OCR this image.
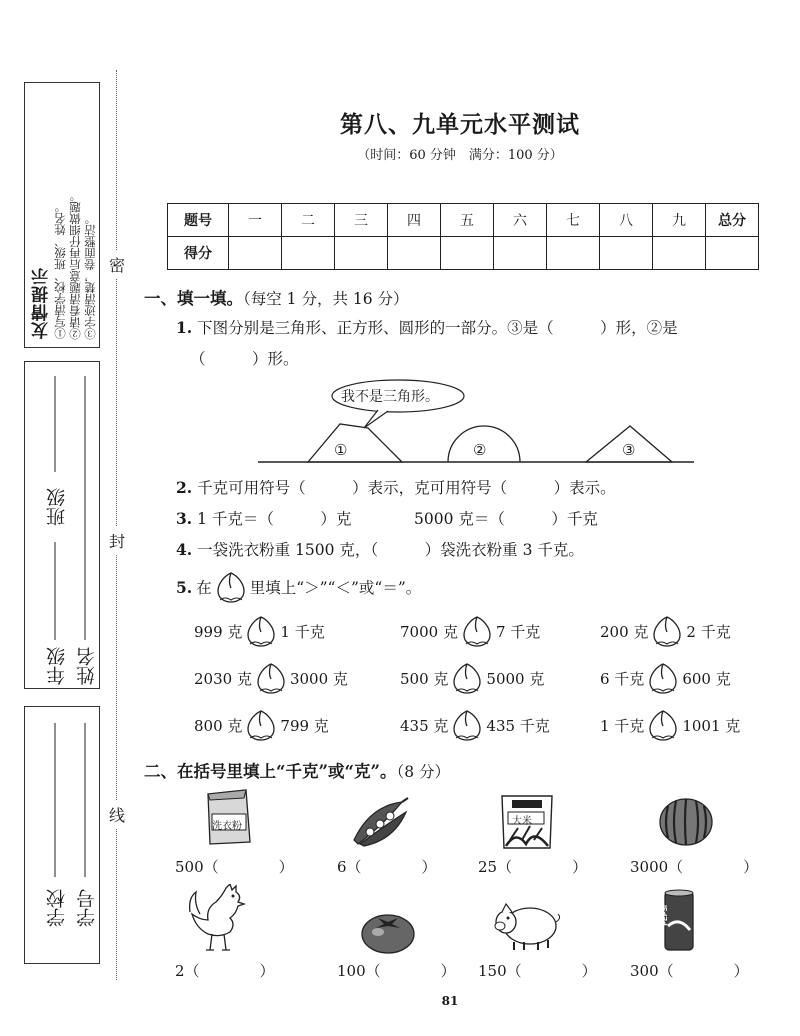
友情提示 ①写清学校、班级、姓名。 ②请看清题意后再仔细做题。 ③字迹清楚，卷面整洁。
班级
年级 姓名
学校 学号
密
封
线
第八、九单元水平测试
（时间：60 分钟　满分：100 分）
题号	一	二	三	四	五	六	七	八	九	总分
得分										
一、填一填。（每空 1 分，共 16 分）
1. 下图分别是三角形、正方形、圆形的一部分。③是（　　　）形，②是
（　　　）形。
我不是三角形。
①	②	③
2. 千克可用符号（　　　）表示，克可用符号（　　　）表示。
3. 1 千克＝（　　　）克	5000 克＝（　　　）千克
4. 一袋洗衣粉重 1500 克，（　　　）袋洗衣粉重 3 千克。
5. 在 里填上“＞”“＜”或“＝”。
999 克	1 千克	7000 克	7 千克	200 克	2 千克
2030 克	3000 克	500 克	5000 克	6 千克	600 克
800 克	799 克	435 克	435 千克	1 千克	1001 克
二、在括号里填上“千克”或“克”。（8 分）
洗衣粉	大米
500（　　　　）	6（　　　　）	25（　　　　）	3000（　　　　）
PEPSI
2（　　　　）	100（　　　　） 150（　　　　） 300（　　　　）
81
